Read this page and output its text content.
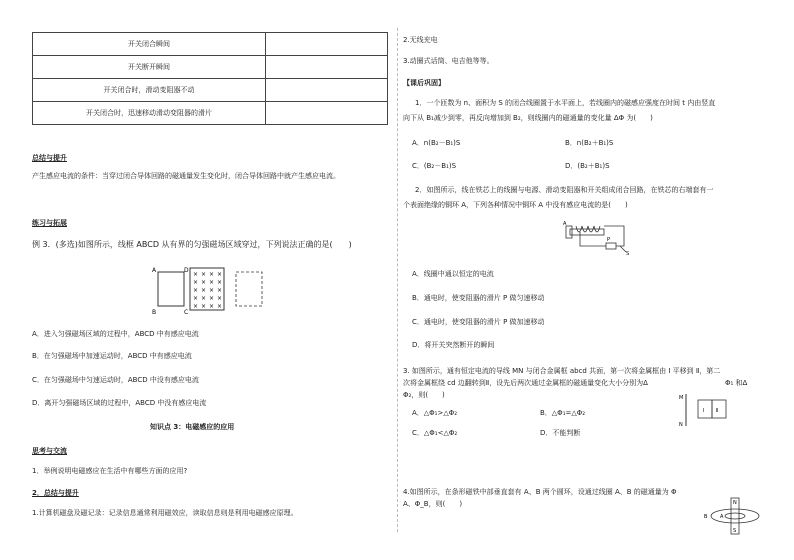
开关闭合瞬间	
开关断开瞬间	
开关闭合时，滑动变阻器不动	
开关闭合时，迅速移动滑动变阻器的滑片	
总结与提升
产生感应电流的条件：当穿过闭合导体回路的磁通量发生变化时，闭合导体回路中就产生感应电流。
练习与拓展
例 3．(多选)如图所示，线框 ABCD 从有界的匀强磁场区域穿过，下列说法正确的是(　　)
× × × ×
× × × ×
× × × ×
× × × ×
× × × ×
A
B	C
D
A．进入匀强磁场区域的过程中，ABCD 中有感应电流
B．在匀强磁场中加速运动时，ABCD 中有感应电流
C．在匀强磁场中匀速运动时，ABCD 中没有感应电流
D．离开匀强磁场区域的过程中，ABCD 中没有感应电流
知识点 3：电磁感应的应用
思考与交流
1．举例说明电磁感应在生活中有哪些方面的应用?
2．总结与提升
1.计算机磁盘及磁记录：记录信息通常利用磁效应，读取信息则是利用电磁感应原理。
2.无线充电
3.动圈式话筒、电吉他等等。
【课后巩固】
1．一个匝数为 n、面积为 S 的闭合线圈置于水平面上，若线圈内的磁感应强度在时间 t 内由竖直
向下从 B₁减少到零，再反向增加到 B₂，则线圈内的磁通量的变化量 ΔΦ 为(　　)
A．n(B₂－B₁)S	B．n(B₂＋B₁)S
C．(B₂－B₁)S	D．(B₂＋B₁)S
2．如图所示，线在铁芯上的线圈与电源、滑动变阻器和开关组成闭合回路，在铁芯的右端套有一
个表面绝缘的铜环 A，下列各种情况中铜环 A 中没有感应电流的是(　　)
A
P
S
A．线圈中通以恒定的电流
B．通电时，使变阻器的滑片 P 做匀速移动
C．通电时，使变阻器的滑片 P 做加速移动
D．将开关突然断开的瞬间
3. 如图所示，通有恒定电流的导线 MN 与闭合金属框 abcd 共面，第一次将金属框由 Ⅰ 平移到 Ⅱ，第二
次将金属框绕 cd 边翻转到Ⅱ，设先后两次通过金属框的磁通量变化大小分别为Δ	Φ₁ 和Δ
Φ₂，则(　　)	M
N
Ⅰ Ⅱ
A．△Φ₁>△Φ₂	B．△Φ₁=△Φ₂
C．△Φ₁<△Φ₂	D．不能判断
4.如图所示，在条形磁铁中部垂直套有 A、B 两个圆环，设通过线圈 A、B 的磁通量为 Φ
A、Φ_B，则(　　)	N
S
A
B
